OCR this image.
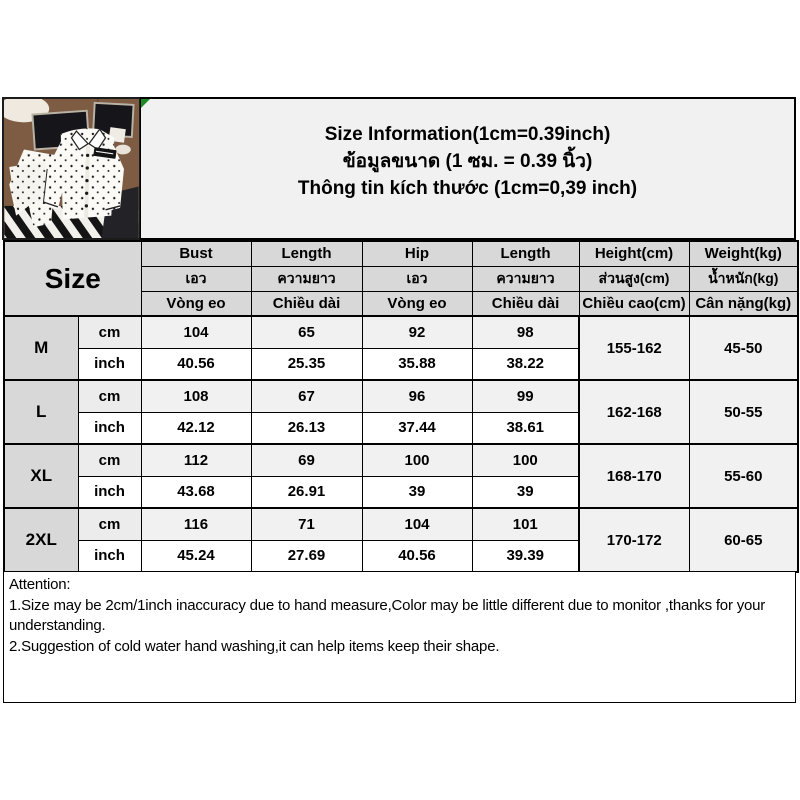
Size Information(1cm=0.39inch)
ข้อมูลขนาด (1 ซม. = 0.39 นิ้ว)
Thông tin kích thước (1cm=0,39 inch)
Size		Bust	Length	Hip	Length	Height(cm)	Weight(kg)
		เอว	ความยาว	เอว	ความยาว	ส่วนสูง(cm)	น้ำหนัก(kg)
		Vòng eo	Chiều dài	Vòng eo	Chiều dài	Chiều cao(cm)	Cân nặng(kg)
M	cm	104	65	92	98	155-162	45-50
	inch	40.56	25.35	35.88	38.22		
L	cm	108	67	96	99	162-168	50-55
	inch	42.12	26.13	37.44	38.61		
XL	cm	112	69	100	100	168-170	55-60
	inch	43.68	26.91	39	39		
2XL	cm	116	71	104	101	170-172	60-65
	inch	45.24	27.69	40.56	39.39		

Attention:

1.Size may be 2cm/1inch inaccuracy due to hand measure,Color may be little different due to monitor ,thanks for your understanding.

2.Suggestion of cold water hand washing,it can help items keep their shape.
